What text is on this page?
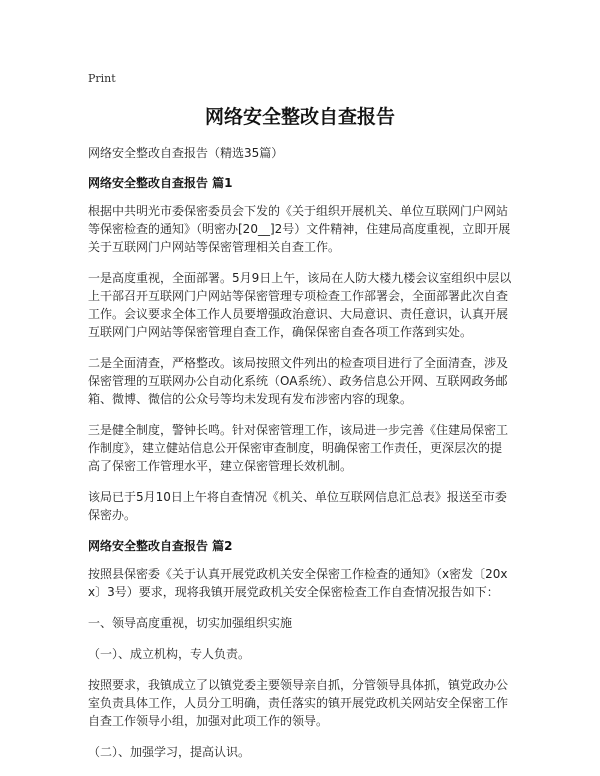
Print
网络安全整改自查报告
网络安全整改自查报告（精选35篇）
网络安全整改自查报告 篇1

根据中共明光市委保密委员会下发的《关于组织开展机关、单位互联网门户网站等保密检查的通知》（明密办[20__]2号）文件精神，住建局高度重视，立即开展关于互联网门户网站等保密管理相关自查工作。

一是高度重视，全面部署。5月9日上午，该局在人防大楼九楼会议室组织中层以上干部召开互联网门户网站等保密管理专项检查工作部署会，全面部署此次自查工作。会议要求全体工作人员要增强政治意识、大局意识、责任意识，认真开展互联网门户网站等保密管理自查工作，确保保密自查各项工作落到实处。

二是全面清查，严格整改。该局按照文件列出的检查项目进行了全面清查，涉及保密管理的互联网办公自动化系统（OA系统）、政务信息公开网、互联网政务邮箱、微博、微信的公众号等均未发现有发布涉密内容的现象。

三是健全制度，警钟长鸣。针对保密管理工作，该局进一步完善《住建局保密工作制度》，建立健站信息公开保密审查制度，明确保密工作责任，更深层次的提高了保密工作管理水平，建立保密管理长效机制。

该局已于5月10日上午将自查情况《机关、单位互联网信息汇总表》报送至市委保密办。

网络安全整改自查报告 篇2

按照县保密委《关于认真开展党政机关安全保密工作检查的通知》（x密发〔20xx〕3号）要求，现将我镇开展党政机关安全保密检查工作自查情况报告如下：

一、领导高度重视，切实加强组织实施

（一）、成立机构，专人负责。

按照要求，我镇成立了以镇党委主要领导亲自抓，分管领导具体抓，镇党政办公室负责具体工作，人员分工明确，责任落实的镇开展党政机关网站安全保密工作自查工作领导小组，加强对此项工作的领导。

（二）、加强学习，提高认识。
